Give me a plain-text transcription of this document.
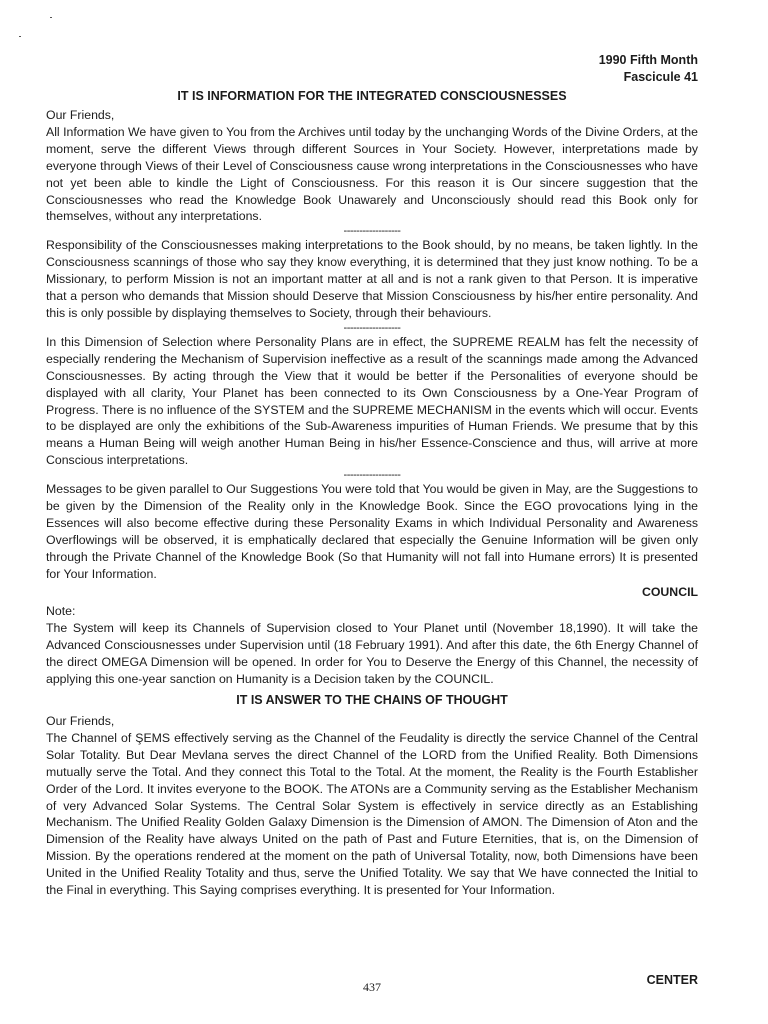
1990 Fifth Month
Fascicule 41
IT IS INFORMATION FOR THE INTEGRATED CONSCIOUSNESSES

Our Friends,

All Information We have given to You from the Archives until today by the unchanging Words of the Divine Orders, at the moment, serve the different Views through different Sources in Your Society. However, interpretations made by everyone through Views of their Level of Consciousness cause wrong interpretations in the Consciousnesses who have not yet been able to kindle the Light of Consciousness. For this reason it is Our sincere suggestion that the Consciousnesses who read the Knowledge Book Unawarely and Unconsciously should read this Book only for themselves, without any interpretations.

------------------

Responsibility of the Consciousnesses making interpretations to the Book should, by no means, be taken lightly. In the Consciousness scannings of those who say they know everything, it is determined that they just know nothing. To be a Missionary, to perform Mission is not an important matter at all and is not a rank given to that Person. It is imperative that a person who demands that Mission should Deserve that Mission Consciousness by his/her entire personality. And this is only possible by displaying themselves to Society, through their behaviours.

------------------

In this Dimension of Selection where Personality Plans are in effect, the SUPREME REALM has felt the necessity of especially rendering the Mechanism of Supervision ineffective as a result of the scannings made among the Advanced Consciousnesses. By acting through the View that it would be better if the Personalities of everyone should be displayed with all clarity, Your Planet has been connected to its Own Consciousness by a One-Year Program of Progress. There is no influence of the SYSTEM and the SUPREME MECHANISM in the events which will occur. Events to be displayed are only the exhibitions of the Sub-Awareness impurities of Human Friends. We presume that by this means a Human Being will weigh another Human Being in his/her Essence-Conscience and thus, will arrive at more Conscious interpretations.

------------------

Messages to be given parallel to Our Suggestions You were told that You would be given in May, are the Suggestions to be given by the Dimension of the Reality only in the Knowledge Book. Since the EGO provocations lying in the Essences will also become effective during these Personality Exams in which Individual Personality and Awareness Overflowings will be observed, it is emphatically declared that especially the Genuine Information will be given only through the Private Channel of the Knowledge Book (So that Humanity will not fall into Humane errors) It is presented for Your Information.

COUNCIL

Note:

The System will keep its Channels of Supervision closed to Your Planet until (November 18,1990). It will take the Advanced Consciousnesses under Supervision until (18 February 1991). And after this date, the 6th Energy Channel of the direct OMEGA Dimension will be opened. In order for You to Deserve the Energy of this Channel, the necessity of applying this one-year sanction on Humanity is a Decision taken by the COUNCIL.

IT IS ANSWER TO THE CHAINS OF THOUGHT

Our Friends,

The Channel of ŞEMS effectively serving as the Channel of the Feudality is directly the service Channel of the Central Solar Totality. But Dear Mevlana serves the direct Channel of the LORD from the Unified Reality. Both Dimensions mutually serve the Total. And they connect this Total to the Total. At the moment, the Reality is the Fourth Establisher Order of the Lord. It invites everyone to the BOOK. The ATONs are a Community serving as the Establisher Mechanism of very Advanced Solar Systems. The Central Solar System is effectively in service directly as an Establishing Mechanism. The Unified Reality Golden Galaxy Dimension is the Dimension of AMON. The Dimension of Aton and the Dimension of the Reality have always United on the path of Past and Future Eternities, that is, on the Dimension of Mission. By the operations rendered at the moment on the path of Universal Totality, now, both Dimensions have been United in the Unified Reality Totality and thus, serve the Unified Totality. We say that We have connected the Initial to the Final in everything. This Saying comprises everything. It is presented for Your Information.

437	CENTER
